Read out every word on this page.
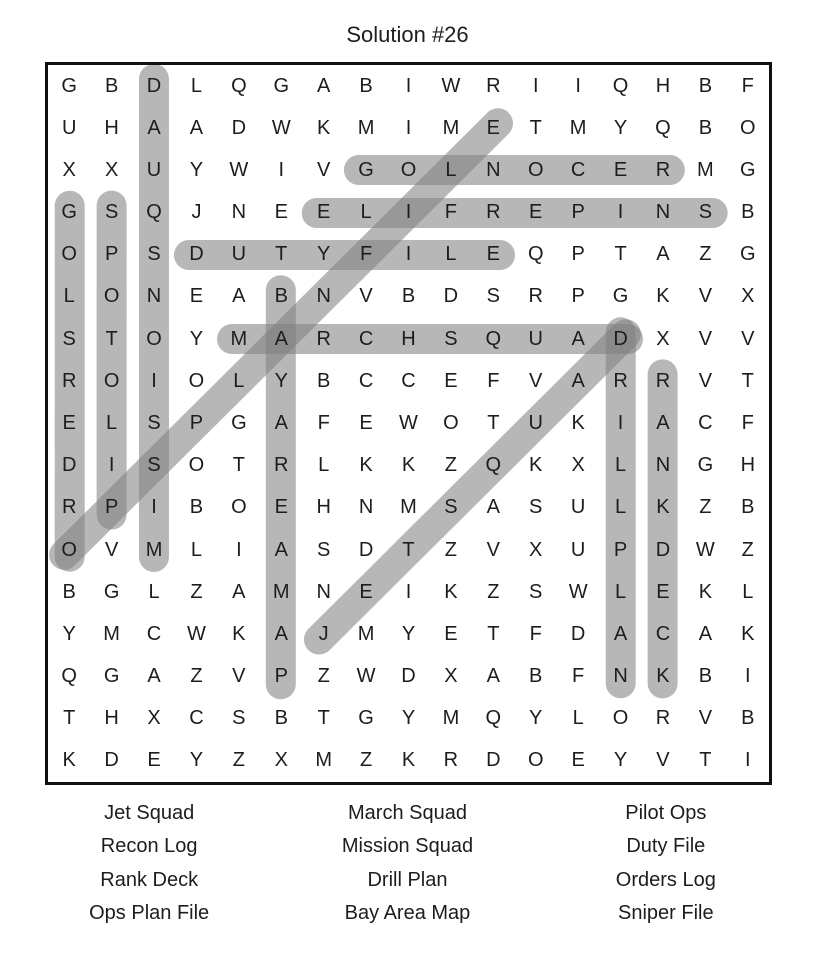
Solution #26
G	B	D	L	Q	G	A	B	I	W	R	I	I	Q	H	B	F
U	H	A	A	D	W	K	M	I	M	E	T	M	Y	Q	B	O
X	X	U	Y	W	I	V	G	O	L	N	O	C	E	R	M	G
G	S	Q	J	N	E	E	L	I	F	R	E	P	I	N	S	B
O	P	S	D	U	T	Y	F	I	L	E	Q	P	T	A	Z	G
L	O	N	E	A	B	N	V	B	D	S	R	P	G	K	V	X
S	T	O	Y	M	A	R	C	H	S	Q	U	A	D	X	V	V
R	O	I	O	L	Y	B	C	C	E	F	V	A	R	R	V	T
E	L	S	P	G	A	F	E	W	O	T	U	K	I	A	C	F
D	I	S	O	T	R	L	K	K	Z	Q	K	X	L	N	G	H
R	P	I	B	O	E	H	N	M	S	A	S	U	L	K	Z	B
O	V	M	L	I	A	S	D	T	Z	V	X	U	P	D	W	Z
B	G	L	Z	A	M	N	E	I	K	Z	S	W	L	E	K	L
Y	M	C	W	K	A	J	M	Y	E	T	F	D	A	C	A	K
Q	G	A	Z	V	P	Z	W	D	X	A	B	F	N	K	B	I
T	H	X	C	S	B	T	G	Y	M	Q	Y	L	O	R	V	B
K	D	E	Y	Z	X	M	Z	K	R	D	O	E	Y	V	T	I
Jet Squad
Recon Log
Rank Deck
Ops Plan File
March Squad
Mission Squad
Drill Plan
Bay Area Map
Pilot Ops
Duty File
Orders Log
Sniper File
